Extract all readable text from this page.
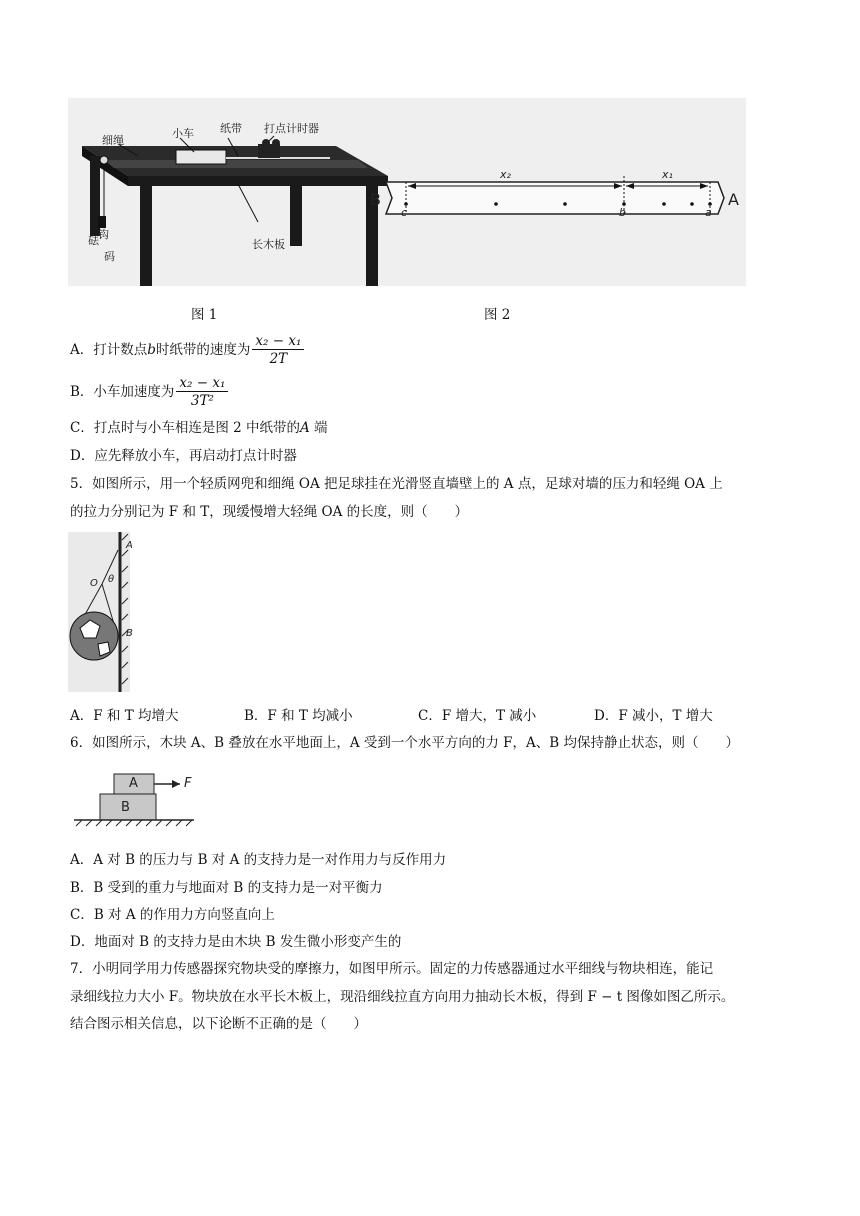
细绳
小车 纸带 打点计时器
长木板
砝 钩
码
B	A
x₂	x₁
c	b	a
图 1	图 2
A．打计数点b时纸带的速度为 $\frac{\text{x₂ − x₁}}{2T}$
B．小车加速度为 $\frac{\text{x₂ − x₁}}{\text{3T²}}$
C．打点时与小车相连是图 2 中纸带的A 端
D．应先释放小车，再启动打点计时器
5．如图所示，用一个轻质网兜和细绳 OA 把足球挂在光滑竖直墙壁上的 A 点，足球对墙的压力和轻绳 OA 上
的拉力分别记为 F 和 T，现缓慢增大轻绳 OA 的长度，则（　　）
A
O θ
B
A．F 和 T 均增大	B．F 和 T 均减小	C．F 增大，T 减小	D．F 减小，T 增大
6．如图所示，木块 A、B 叠放在水平地面上，A 受到一个水平方向的力 F，A、B 均保持静止状态，则（　　）
A
B
F
A．A 对 B 的压力与 B 对 A 的支持力是一对作用力与反作用力
B．B 受到的重力与地面对 B 的支持力是一对平衡力
C．B 对 A 的作用力方向竖直向上
D．地面对 B 的支持力是由木块 B 发生微小形变产生的
7．小明同学用力传感器探究物块受的摩擦力，如图甲所示。固定的力传感器通过水平细线与物块相连，能记
录细线拉力大小 F。物块放在水平长木板上，现沿细线拉直方向用力抽动长木板，得到 F − t 图像如图乙所示。
结合图示相关信息，以下论断不正确的是（　　）
